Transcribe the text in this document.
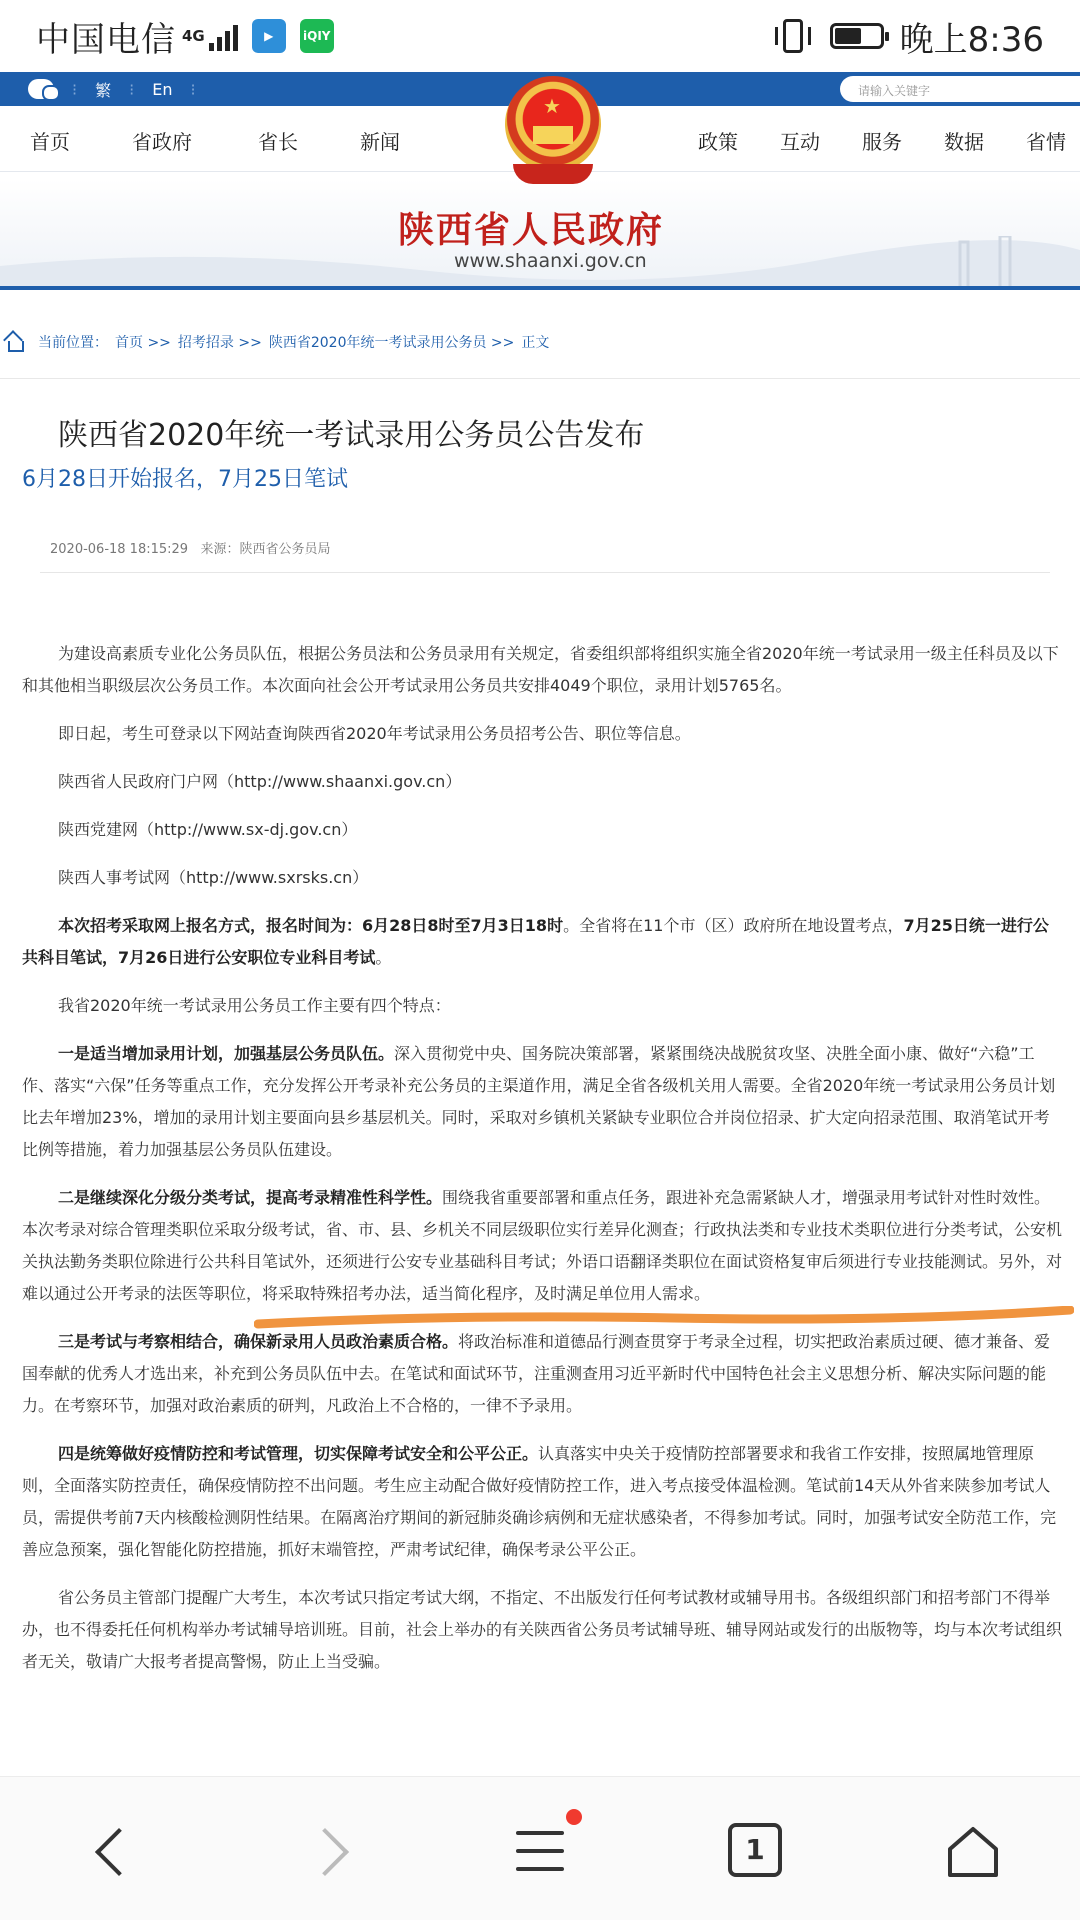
中国电信 4G	▶	iQIY	晚上8:36
⁝ 繁 ⁝ En ⁝	请输入关键字
首页	省政府	省长	新闻	政策 互动 服务 数据 省情
★
陕西省人民政府
www.shaanxi.gov.cn
当前位置： 首页 >> 招考招录 >> 陕西省2020年统一考试录用公务员 >> 正文
陕西省2020年统一考试录用公务员公告发布
6月28日开始报名，7月25日笔试
2020-06-18 18:15:29 来源：陕西省公务员局

为建设高素质专业化公务员队伍，根据公务员法和公务员录用有关规定，省委组织部将组织实施全省2020年统一考试录用一级主任科员及以下和其他相当职级层次公务员工作。本次面向社会公开考试录用公务员共安排4049个职位，录用计划5765名。

即日起，考生可登录以下网站查询陕西省2020年考试录用公务员招考公告、职位等信息。

陕西省人民政府门户网（http://www.shaanxi.gov.cn）

陕西党建网（http://www.sx-dj.gov.cn）

陕西人事考试网（http://www.sxrsks.cn）

本次招考采取网上报名方式，报名时间为：6月28日8时至7月3日18时。全省将在11个市（区）政府所在地设置考点，7月25日统一进行公共科目笔试，7月26日进行公安职位专业科目考试。

我省2020年统一考试录用公务员工作主要有四个特点：

一是适当增加录用计划，加强基层公务员队伍。深入贯彻党中央、国务院决策部署，紧紧围绕决战脱贫攻坚、决胜全面小康、做好“六稳”工作、落实“六保”任务等重点工作，充分发挥公开考录补充公务员的主渠道作用，满足全省各级机关用人需要。全省2020年统一考试录用公务员计划比去年增加23%，增加的录用计划主要面向县乡基层机关。同时，采取对乡镇机关紧缺专业职位合并岗位招录、扩大定向招录范围、取消笔试开考比例等措施，着力加强基层公务员队伍建设。

二是继续深化分级分类考试，提高考录精准性科学性。围绕我省重要部署和重点任务，跟进补充急需紧缺人才，增强录用考试针对性时效性。本次考录对综合管理类职位采取分级考试，省、市、县、乡机关不同层级职位实行差异化测查；行政执法类和专业技术类职位进行分类考试，公安机关执法勤务类职位除进行公共科目笔试外，还须进行公安专业基础科目考试；外语口语翻译类职位在面试资格复审后须进行专业技能测试。另外，对难以通过公开考录的法医等职位，将采取特殊招考办法，适当简化程序，及时满足单位用人需求。

三是考试与考察相结合，确保新录用人员政治素质合格。将政治标准和道德品行测查贯穿于考录全过程，切实把政治素质过硬、德才兼备、爱国奉献的优秀人才选出来，补充到公务员队伍中去。在笔试和面试环节，注重测查用习近平新时代中国特色社会主义思想分析、解决实际问题的能力。在考察环节，加强对政治素质的研判，凡政治上不合格的，一律不予录用。

四是统筹做好疫情防控和考试管理，切实保障考试安全和公平公正。认真落实中央关于疫情防控部署要求和我省工作安排，按照属地管理原则，全面落实防控责任，确保疫情防控不出问题。考生应主动配合做好疫情防控工作，进入考点接受体温检测。笔试前14天从外省来陕参加考试人员，需提供考前7天内核酸检测阴性结果。在隔离治疗期间的新冠肺炎确诊病例和无症状感染者，不得参加考试。同时，加强考试安全防范工作，完善应急预案，强化智能化防控措施，抓好末端管控，严肃考试纪律，确保考录公平公正。

省公务员主管部门提醒广大考生，本次考试只指定考试大纲，不指定、不出版发行任何考试教材或辅导用书。各级组织部门和招考部门不得举办，也不得委托任何机构举办考试辅导培训班。目前，社会上举办的有关陕西省公务员考试辅导班、辅导网站或发行的出版物等，均与本次考试组织者无关，敬请广大报考者提高警惕，防止上当受骗。

1
